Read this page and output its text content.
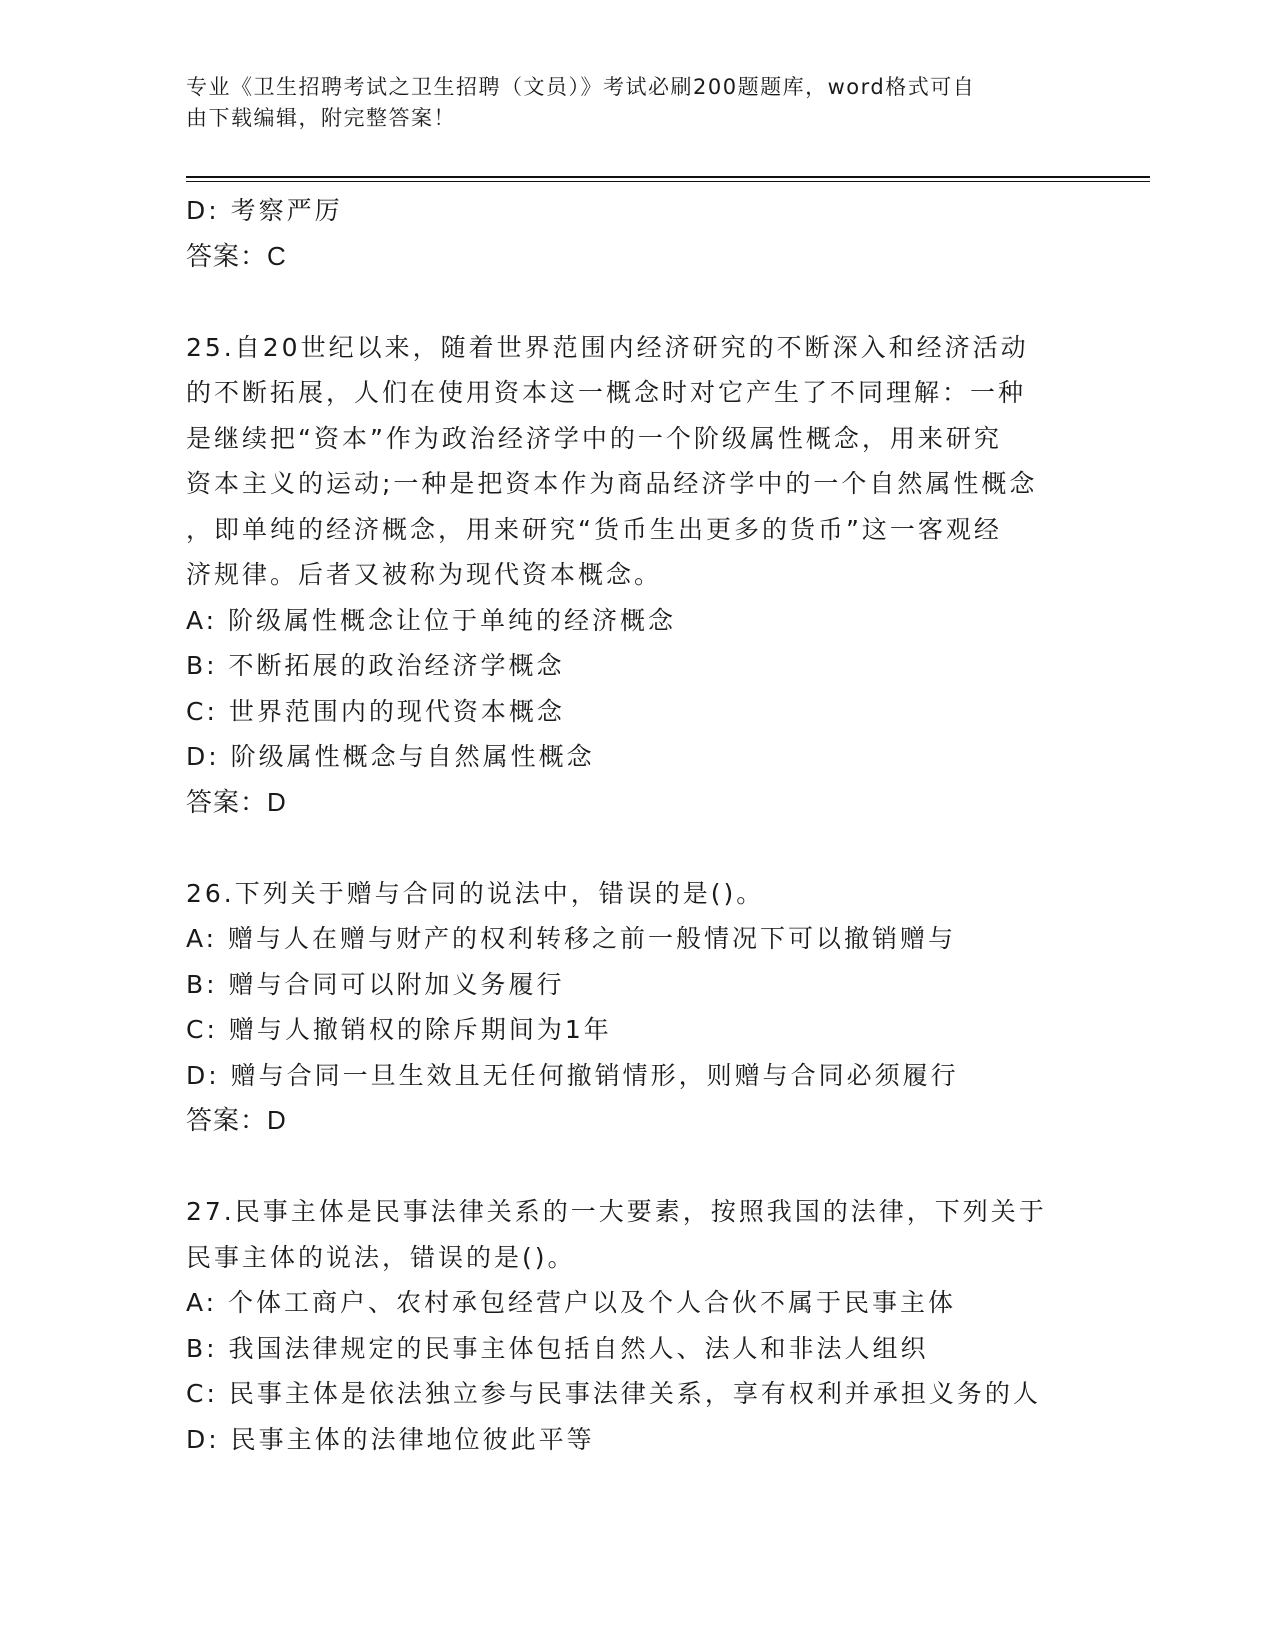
专业《卫生招聘考试之卫生招聘（文员）》考试必刷200题题库，word格式可自
由下载编辑，附完整答案！
D: 考察严厉
答案：C
25.自20世纪以来，随着世界范围内经济研究的不断深入和经济活动
的不断拓展，人们在使用资本这一概念时对它产生了不同理解：一种
是继续把“资本”作为政治经济学中的一个阶级属性概念，用来研究
资本主义的运动;一种是把资本作为商品经济学中的一个自然属性概念
，即单纯的经济概念，用来研究“货币生出更多的货币”这一客观经
济规律。后者又被称为现代资本概念。
A: 阶级属性概念让位于单纯的经济概念
B: 不断拓展的政治经济学概念
C: 世界范围内的现代资本概念
D: 阶级属性概念与自然属性概念
答案：D
26.下列关于赠与合同的说法中，错误的是()。
A: 赠与人在赠与财产的权利转移之前一般情况下可以撤销赠与
B: 赠与合同可以附加义务履行
C: 赠与人撤销权的除斥期间为1年
D: 赠与合同一旦生效且无任何撤销情形，则赠与合同必须履行
答案：D
27.民事主体是民事法律关系的一大要素，按照我国的法律，下列关于
民事主体的说法，错误的是()。
A: 个体工商户、农村承包经营户以及个人合伙不属于民事主体
B: 我国法律规定的民事主体包括自然人、法人和非法人组织
C: 民事主体是依法独立参与民事法律关系，享有权利并承担义务的人
D: 民事主体的法律地位彼此平等
